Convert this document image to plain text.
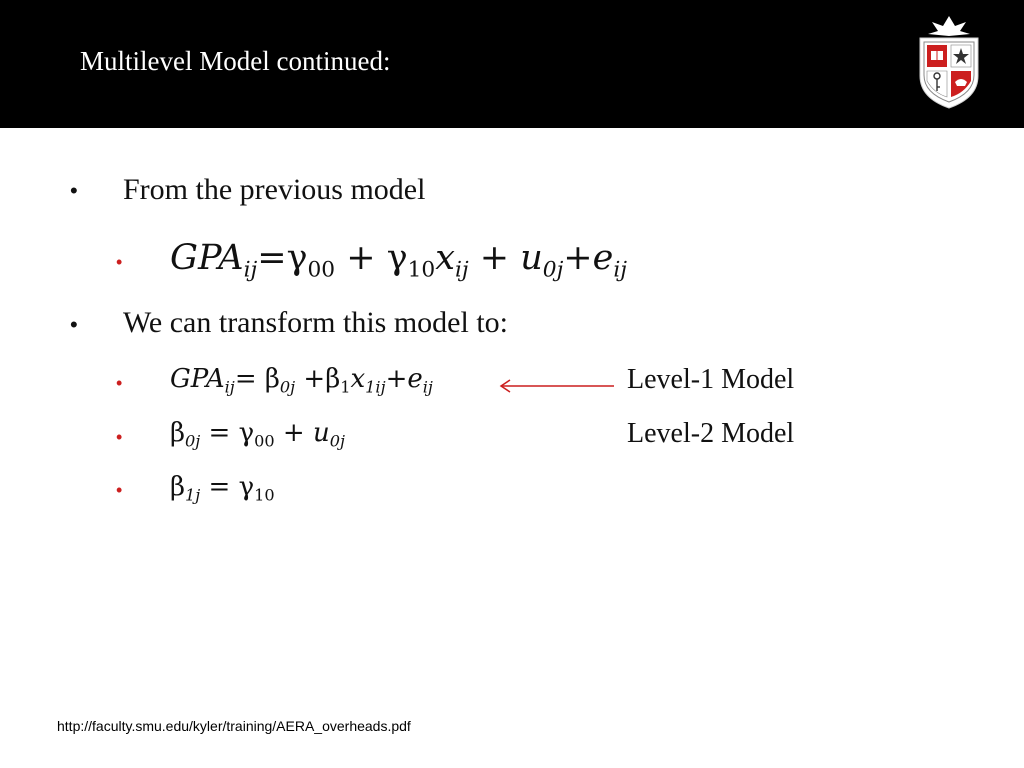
Multilevel Model continued:
• From the previous model
• $GPA_{ij}=\gamma_{00} + \gamma_{10}x_{ij} + u_{0j}+e_{ij}$
• We can transform this model to:
• $GPA_{ij}= \beta_{0j} +\beta_1x_{1ij}+e_{ij}$	Level-1 Model
• $\beta_{0j} = \gamma_{00} + u_{0j}$	Level-2 Model
• $\beta_{1j} = \gamma_{10}$
http://faculty.smu.edu/kyler/training/AERA_overheads.pdf
